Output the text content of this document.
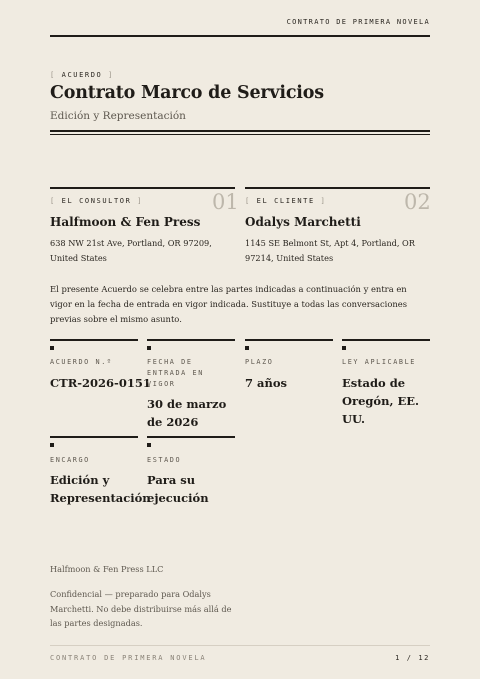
CONTRATO DE PRIMERA NOVELA
[ ACUERDO ]
Contrato Marco de Servicios
Edición y Representación
[ EL CONSULTOR ]	01
Halfmoon & Fen Press
638 NW 21st Ave, Portland, OR 97209, United States
[ EL CLIENTE ]	02
Odalys Marchetti
1145 SE Belmont St, Apt 4, Portland, OR 97214, United States
El presente Acuerdo se celebra entre las partes indicadas a continuación y entra en vigor en la fecha de entrada en vigor indicada. Sustituye a todas las conversaciones previas sobre el mismo asunto.
ACUERDO N.º
CTR-2026-0151
FECHA DE ENTRADA EN VIGOR
30 de marzo de 2026
PLAZO
7 años
LEY APLICABLE
Estado de Oregón, EE. UU.
ENCARGO
Edición y Representación
ESTADO
Para su ejecución
Halfmoon & Fen Press LLC
Confidencial — preparado para Odalys Marchetti. No debe distribuirse más allá de las partes designadas.
CONTRATO DE PRIMERA NOVELA	1 / 12
